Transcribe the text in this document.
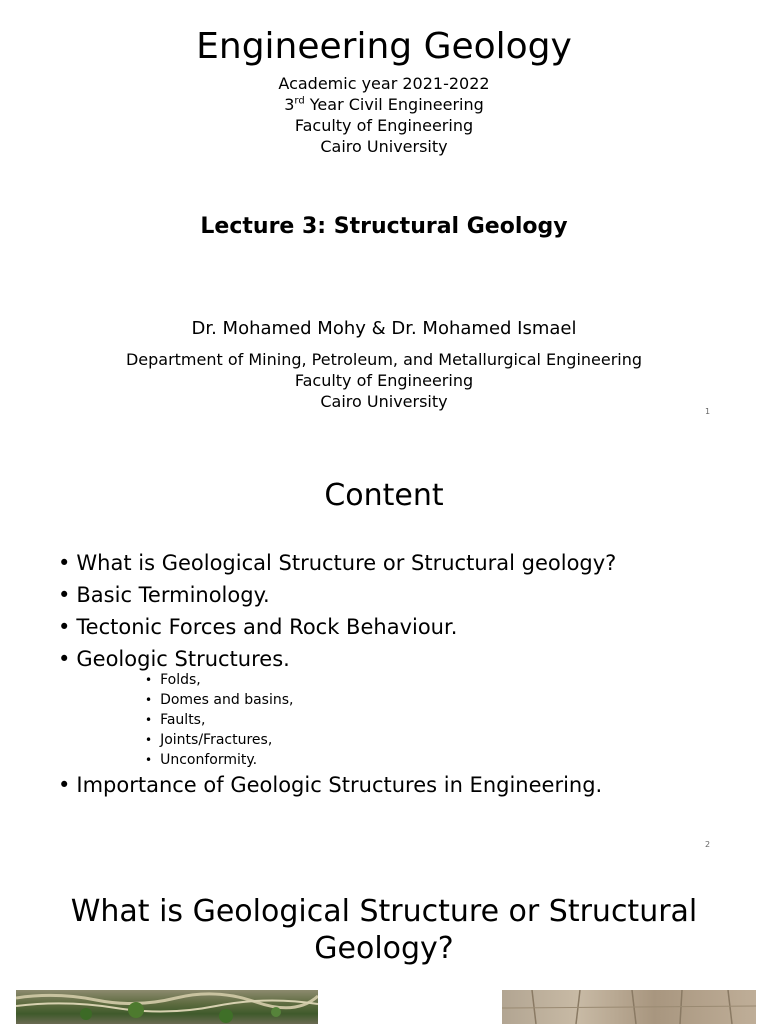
Engineering Geology
Academic year 2021-2022
3rd Year Civil Engineering
Faculty of Engineering
Cairo University
Lecture 3: Structural Geology
Dr. Mohamed Mohy & Dr. Mohamed Ismael
Department of Mining, Petroleum, and Metallurgical Engineering
Faculty of Engineering
Cairo University
1
Content
• What is Geological Structure or Structural geology?
• Basic Terminology.
• Tectonic Forces and Rock Behaviour.
• Geologic Structures.
• Folds,
• Domes and basins,
• Faults,
• Joints/Fractures,
• Unconformity.
• Importance of Geologic Structures in Engineering.
2
What is Geological Structure or Structural Geology?
